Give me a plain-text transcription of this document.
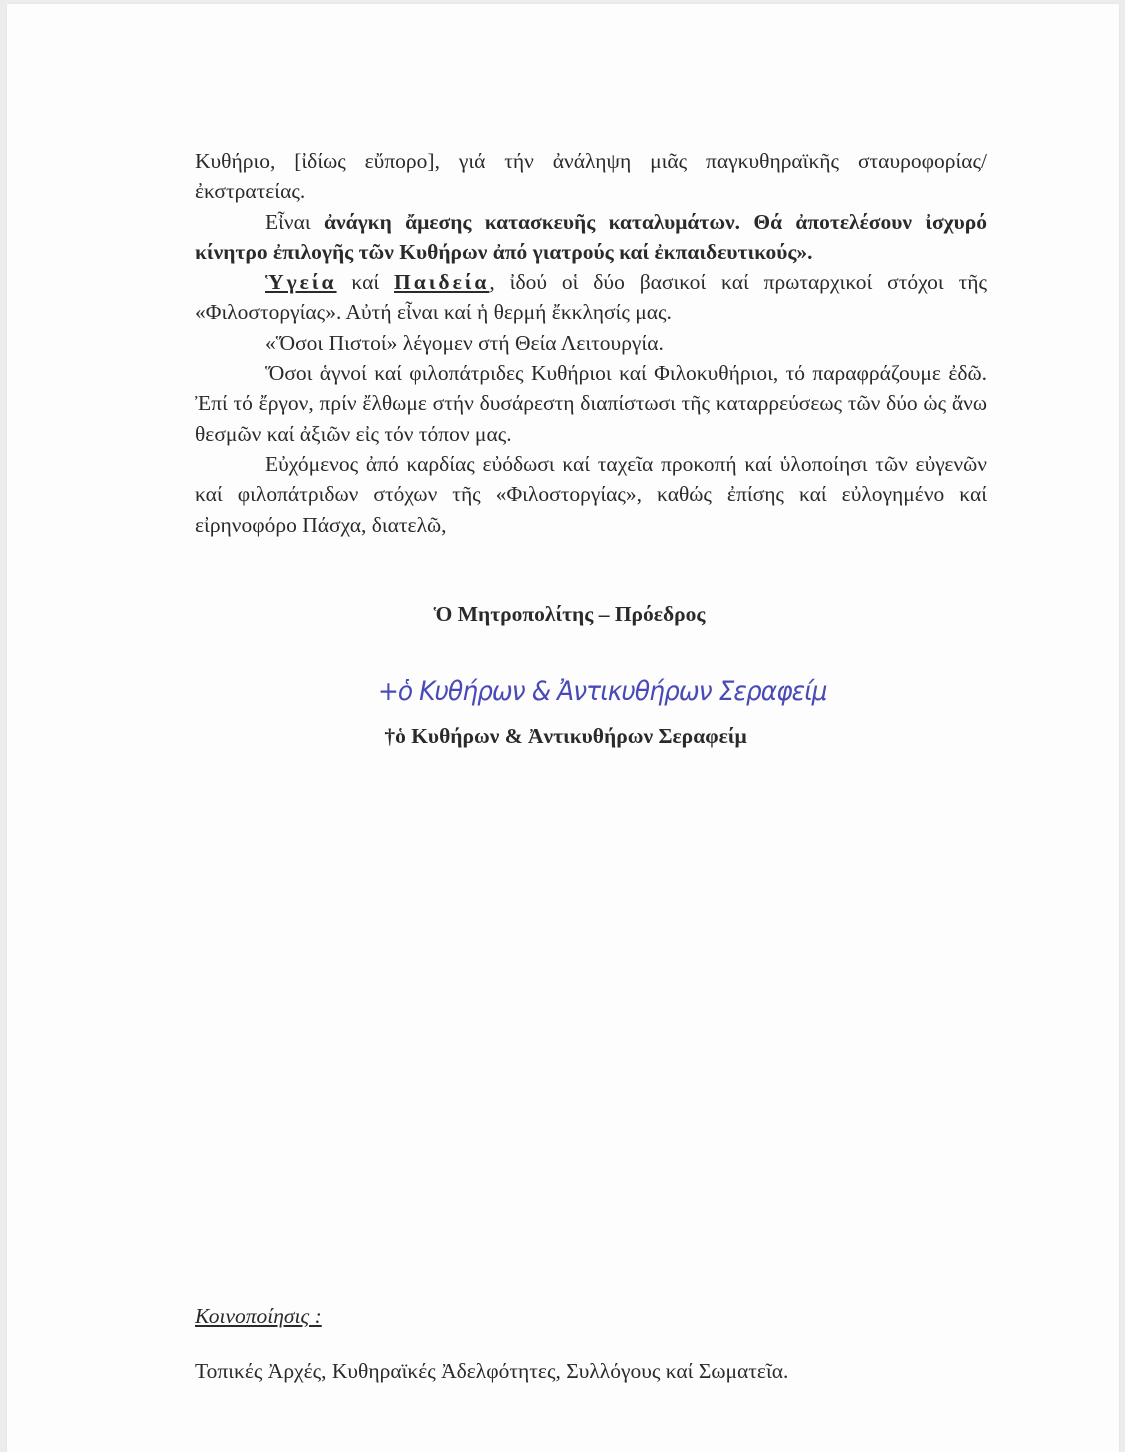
Κυθήριο, [ἰδίως εὔπορο], γιά τήν ἀνάληψη μιᾶς παγκυθηραϊκῆς σταυροφορίας/ἐκστρατείας.

Εἶναι ἀνάγκη ἄμεσης κατασκευῆς καταλυμάτων. Θά ἀποτελέσουν ἰσχυρό κίνητρο ἐπιλογῆς τῶν Κυθήρων ἀπό γιατρούς καί ἐκπαιδευτικούς».

Ὑγεία καί Παιδεία, ἰδού οἱ δύο βασικοί καί πρωταρχικοί στόχοι τῆς «Φιλοστοργίας». Αὐτή εἶναι καί ἡ θερμή ἔκκλησίς μας.

«Ὅσοι Πιστοί» λέγομεν στή Θεία Λειτουργία.

Ὅσοι ἁγνοί καί φιλοπάτριδες Κυθήριοι καί Φιλοκυθήριοι, τό παραφράζουμε ἐδῶ. Ἐπί τό ἔργον, πρίν ἔλθωμε στήν δυσάρεστη διαπίστωσι τῆς καταρρεύσεως τῶν δύο ὡς ἄνω θεσμῶν καί ἀξιῶν εἰς τόν τόπον μας.

Εὐχόμενος ἀπό καρδίας εὐόδωσι καί ταχεῖα προκοπή καί ὑλοποίησι τῶν εὐγενῶν καί φιλοπάτριδων στόχων τῆς «Φιλοστοργίας», καθώς ἐπίσης καί εὐλογημένο καί εἰρηνοφόρο Πάσχα, διατελῶ,

Ὁ Μητροπολίτης – Πρόεδρος
+ὁ Κυθήρων & Ἀντικυθήρων Σεραφείμ
†ὁ Κυθήρων & Ἀντικυθήρων Σεραφείμ
Κοινοποίησις :
Τοπικές Ἀρχές, Κυθηραϊκές Ἀδελφότητες, Συλλόγους καί Σωματεῖα.
